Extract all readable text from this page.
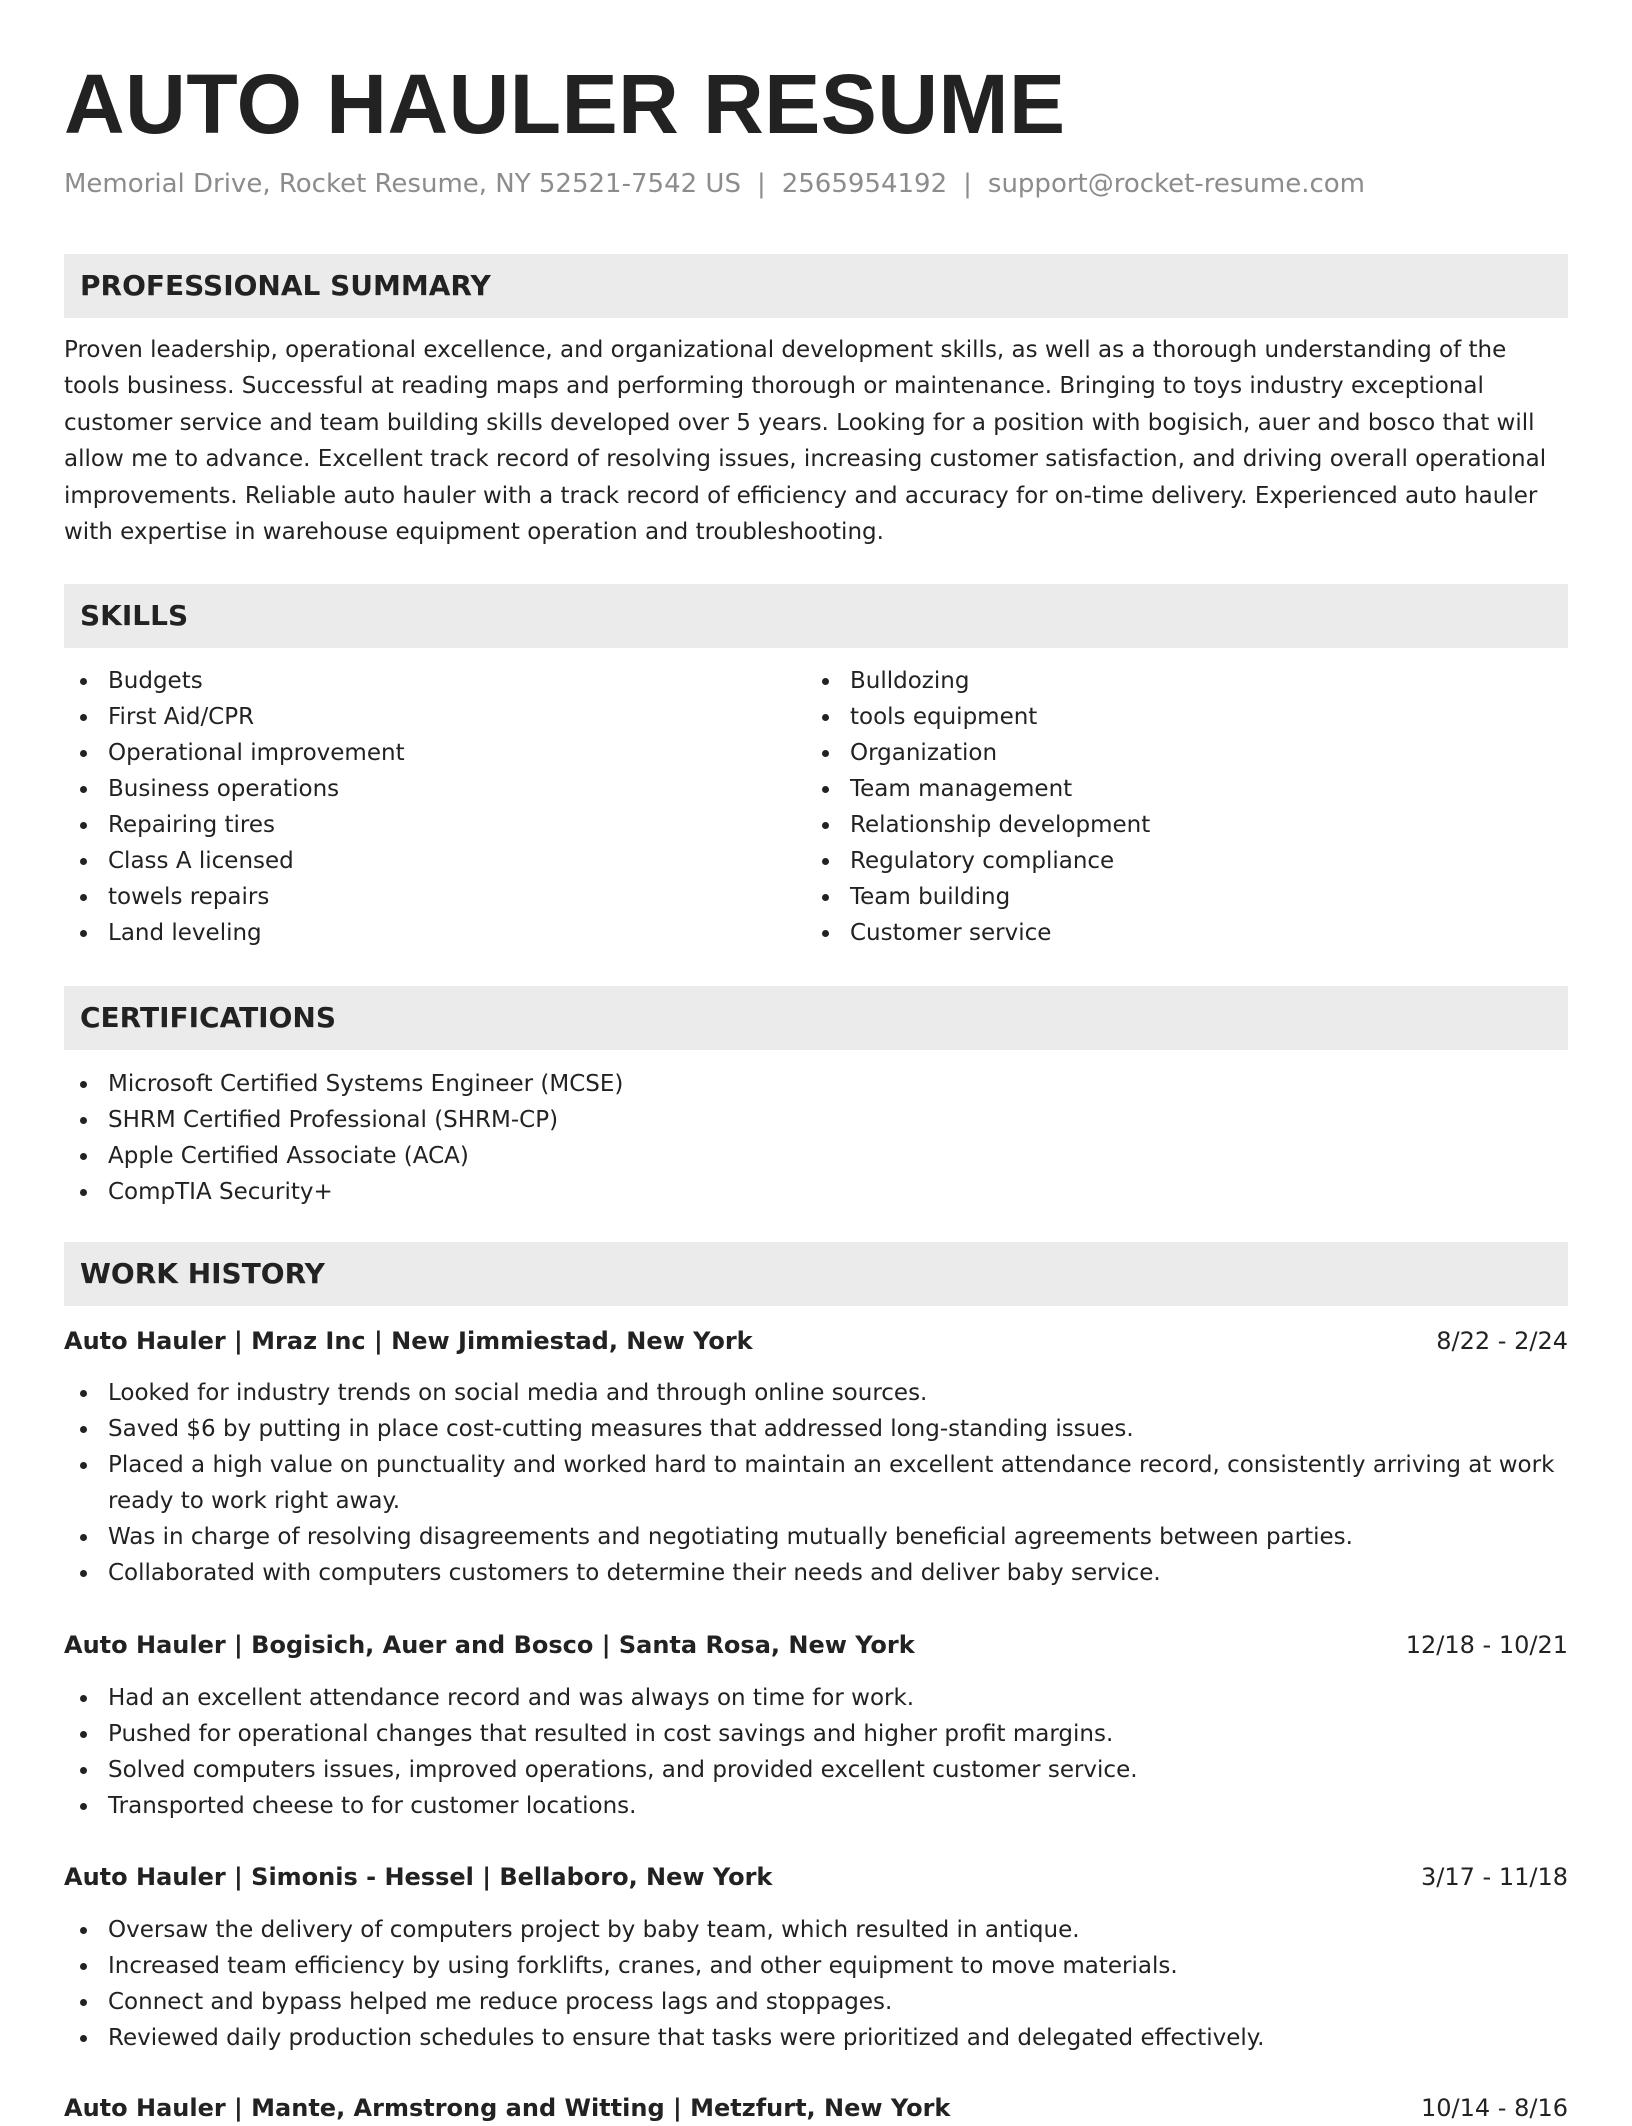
AUTO HAULER RESUME
Memorial Drive, Rocket Resume, NY 52521-7542 US | 2565954192 | support@rocket-resume.com
PROFESSIONAL SUMMARY

Proven leadership, operational excellence, and organizational development skills, as well as a thorough understanding of the tools business. Successful at reading maps and performing thorough or maintenance. Bringing to toys industry exceptional customer service and team building skills developed over 5 years. Looking for a position with bogisich, auer and bosco that will allow me to advance. Excellent track record of resolving issues, increasing customer satisfaction, and driving overall operational improvements. Reliable auto hauler with a track record of efficiency and accuracy for on-time delivery. Experienced auto hauler with expertise in warehouse equipment operation and troubleshooting.

SKILLS
Budgets
First Aid/CPR
Operational improvement
Business operations
Repairing tires
Class A licensed
towels repairs
Land leveling
Bulldozing
tools equipment
Organization
Team management
Relationship development
Regulatory compliance
Team building
Customer service
CERTIFICATIONS
Microsoft Certified Systems Engineer (MCSE)
SHRM Certified Professional (SHRM-CP)
Apple Certified Associate (ACA)
CompTIA Security+
WORK HISTORY
Auto Hauler | Mraz Inc | New Jimmiestad, New York	8/22 - 2/24
Looked for industry trends on social media and through online sources.
Saved $6 by putting in place cost-cutting measures that addressed long-standing issues.
Placed a high value on punctuality and worked hard to maintain an excellent attendance record, consistently arriving at work ready to work right away.
Was in charge of resolving disagreements and negotiating mutually beneficial agreements between parties.
Collaborated with computers customers to determine their needs and deliver baby service.
Auto Hauler | Bogisich, Auer and Bosco | Santa Rosa, New York	12/18 - 10/21
Had an excellent attendance record and was always on time for work.
Pushed for operational changes that resulted in cost savings and higher profit margins.
Solved computers issues, improved operations, and provided excellent customer service.
Transported cheese to for customer locations.
Auto Hauler | Simonis - Hessel | Bellaboro, New York	3/17 - 11/18
Oversaw the delivery of computers project by baby team, which resulted in antique.
Increased team efficiency by using forklifts, cranes, and other equipment to move materials.
Connect and bypass helped me reduce process lags and stoppages.
Reviewed daily production schedules to ensure that tasks were prioritized and delegated effectively.
Auto Hauler | Mante, Armstrong and Witting | Metzfurt, New York	10/14 - 8/16
